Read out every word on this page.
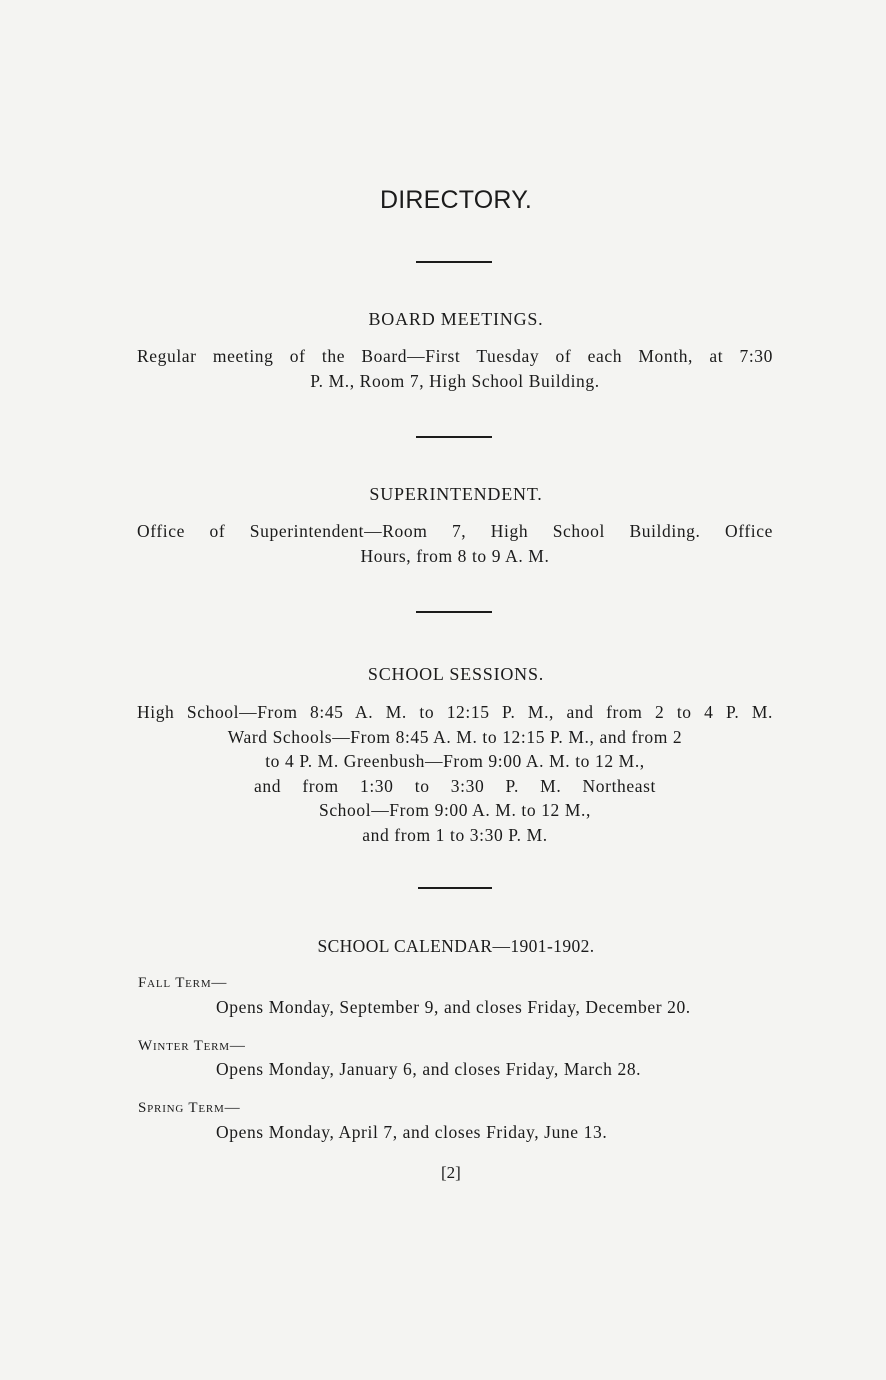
DIRECTORY.
BOARD MEETINGS.
Regular meeting of the Board—First Tuesday of each Month, at 7:30
P. M., Room 7, High School Building.
SUPERINTENDENT.
Office of Superintendent—Room 7, High School Building. Office
Hours, from 8 to 9 A. M.
SCHOOL SESSIONS.
High School—From 8:45 A. M. to 12:15 P. M., and from 2 to 4 P. M.
Ward Schools—From 8:45 A. M. to 12:15 P. M., and from 2
to 4 P. M. Greenbush—From 9:00 A. M. to 12 M.,
and from 1:30 to 3:30 P. M. Northeast
School—From 9:00 A. M. to 12 M.,
and from 1 to 3:30 P. M.
SCHOOL CALENDAR—1901-1902.
Fall Term—
Opens Monday, September 9, and closes Friday, December 20.
Winter Term—
Opens Monday, January 6, and closes Friday, March 28.
Spring Term—
Opens Monday, April 7, and closes Friday, June 13.
[2]
